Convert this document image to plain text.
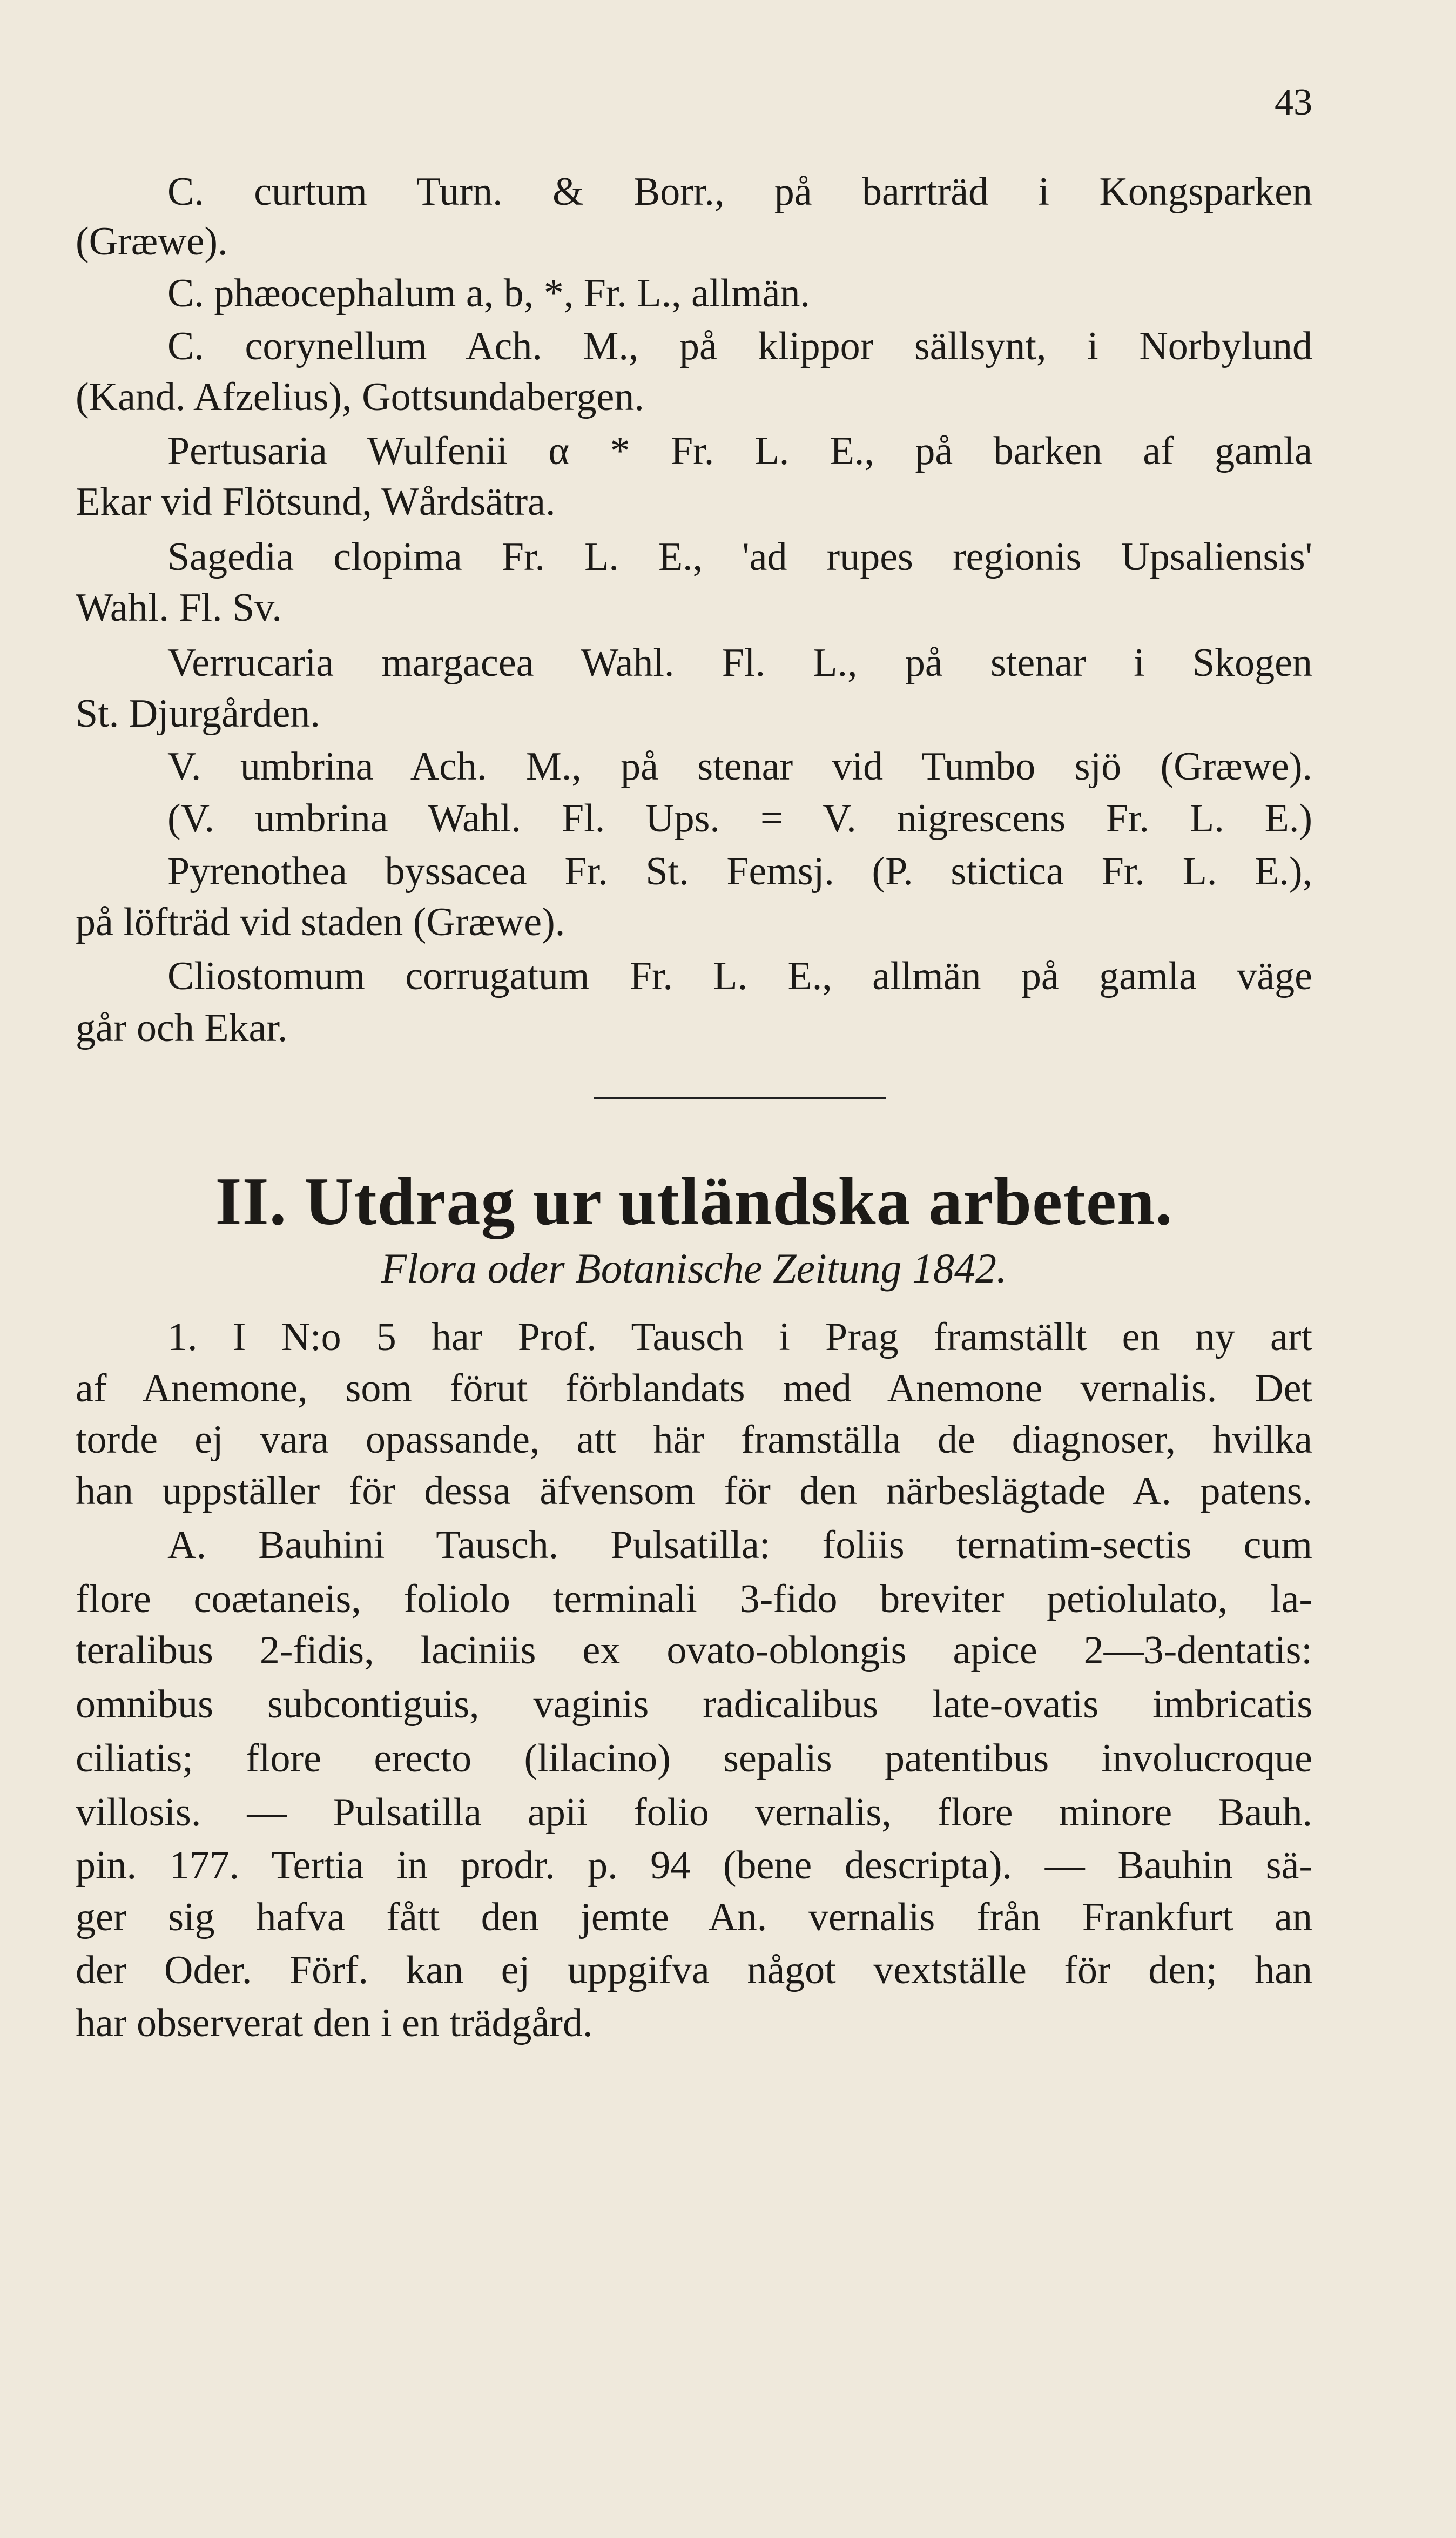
43
C. curtum Turn. & Borr., på barrträd i Kongsparken
(Græwe).
C. phæocephalum a, b, *, Fr. L., allmän.
C. corynellum Ach. M., på klippor sällsynt, i Norbylund
(Kand. Afzelius), Gottsundabergen.
Pertusaria Wulfenii α * Fr. L. E., på barken af gamla
Ekar vid Flötsund, Wårdsätra.
Sagedia clopima Fr. L. E., 'ad rupes regionis Upsaliensis'
Wahl. Fl. Sv.
Verrucaria margacea Wahl. Fl. L., på stenar i Skogen
St. Djurgården.
V. umbrina Ach. M., på stenar vid Tumbo sjö (Græwe).
(V. umbrina Wahl. Fl. Ups. = V. nigrescens Fr. L. E.)
Pyrenothea byssacea Fr. St. Femsj. (P. stictica Fr. L. E.),
på löfträd vid staden (Græwe).
Cliostomum corrugatum Fr. L. E., allmän på gamla väge
går och Ekar.
II. Utdrag ur utländska arbeten.
Flora oder Botanische Zeitung 1842.
1. I N:o 5 har Prof. Tausch i Prag framställt en ny art
af Anemone, som förut förblandats med Anemone vernalis. Det
torde ej vara opassande, att här framställa de diagnoser, hvilka
han uppställer för dessa äfvensom för den närbeslägtade A. patens.
A. Bauhini Tausch. Pulsatilla: foliis ternatim-sectis cum
flore coætaneis, foliolo terminali 3-fido breviter petiolulato, la-
teralibus 2-fidis, laciniis ex ovato-oblongis apice 2—3-dentatis:
omnibus subcontiguis, vaginis radicalibus late-ovatis imbricatis
ciliatis; flore erecto (lilacino) sepalis patentibus involucroque
villosis. — Pulsatilla apii folio vernalis, flore minore Bauh.
pin. 177. Tertia in prodr. p. 94 (bene descripta). — Bauhin sä-
ger sig hafva fått den jemte An. vernalis från Frankfurt an
der Oder. Förf. kan ej uppgifva något vextställe för den; han
har observerat den i en trädgård.
